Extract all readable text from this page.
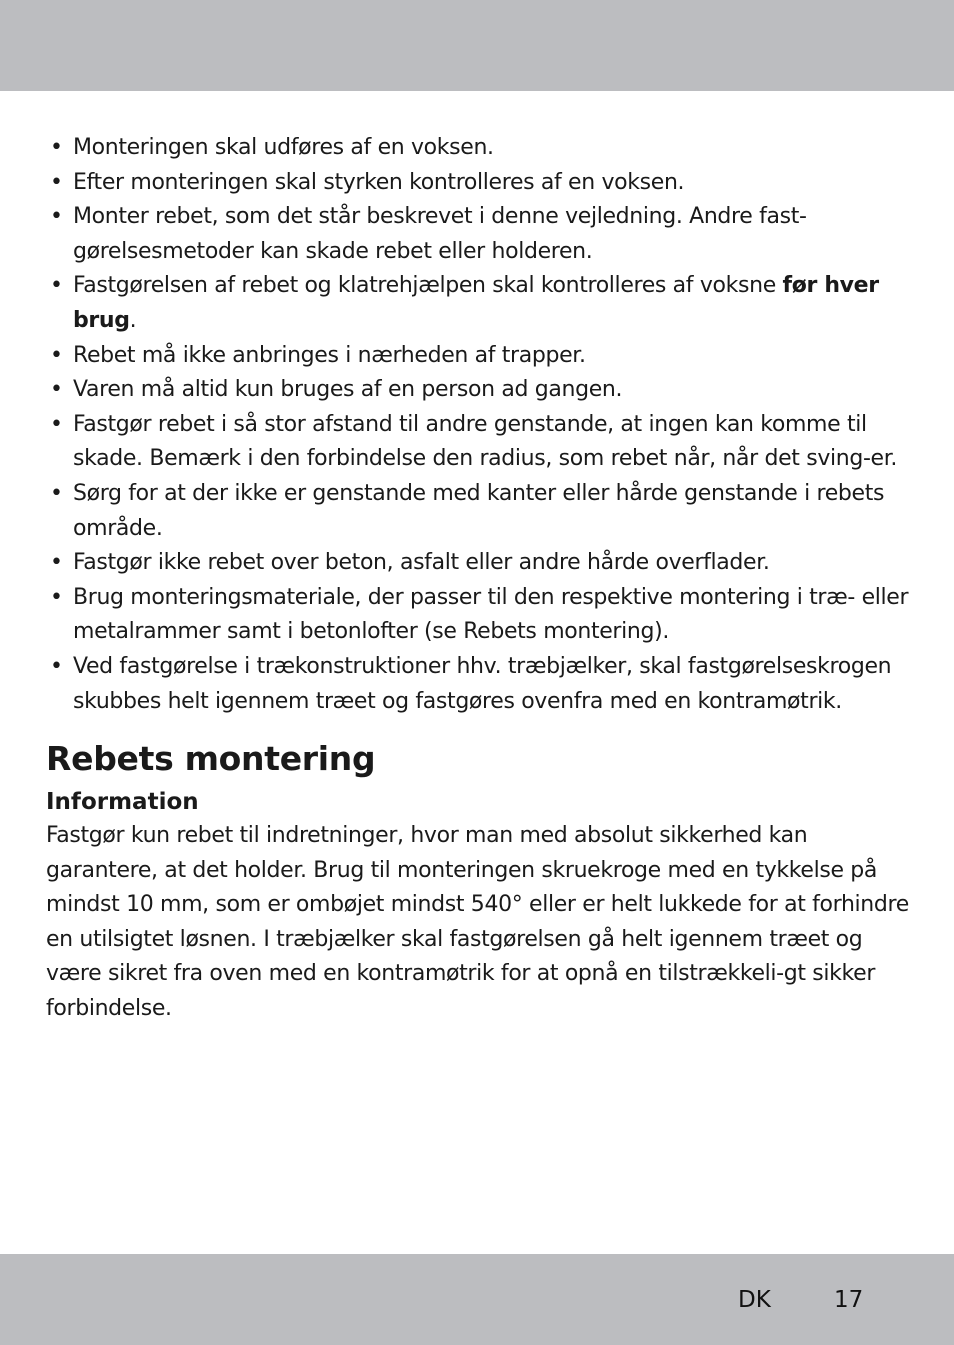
• Monteringen skal udføres af en voksen.
• Efter monteringen skal styrken kontrolleres af en voksen.
• Monter rebet, som det står beskrevet i denne vejledning. Andre fast-gørelsesmetoder kan skade rebet eller holderen.
• Fastgørelsen af rebet og klatrehjælpen skal kontrolleres af voksne før hver brug.
• Rebet må ikke anbringes i nærheden af trapper.
• Varen må altid kun bruges af en person ad gangen.
• Fastgør rebet i så stor afstand til andre genstande, at ingen kan komme til skade. Bemærk i den forbindelse den radius, som rebet når, når det sving-er.
• Sørg for at der ikke er genstande med kanter eller hårde genstande i rebets område.
• Fastgør ikke rebet over beton, asfalt eller andre hårde overflader.
• Brug monteringsmateriale, der passer til den respektive montering i træ- eller metalrammer samt i betonlofter (se Rebets montering).
• Ved fastgørelse i trækonstruktioner hhv. træbjælker, skal fastgørelseskrogen skubbes helt igennem træet og fastgøres ovenfra med en kontramøtrik.
Rebets montering
Information

Fastgør kun rebet til indretninger, hvor man med absolut sikkerhed kan garantere, at det holder. Brug til monteringen skruekroge med en tykkelse på mindst 10 mm, som er ombøjet mindst 540° eller er helt lukkede for at forhindre en utilsigtet løsnen. I træbjælker skal fastgørelsen gå helt igennem træet og være sikret fra oven med en kontramøtrik for at opnå en tilstrækkeli-gt sikker forbindelse.

DK	17
